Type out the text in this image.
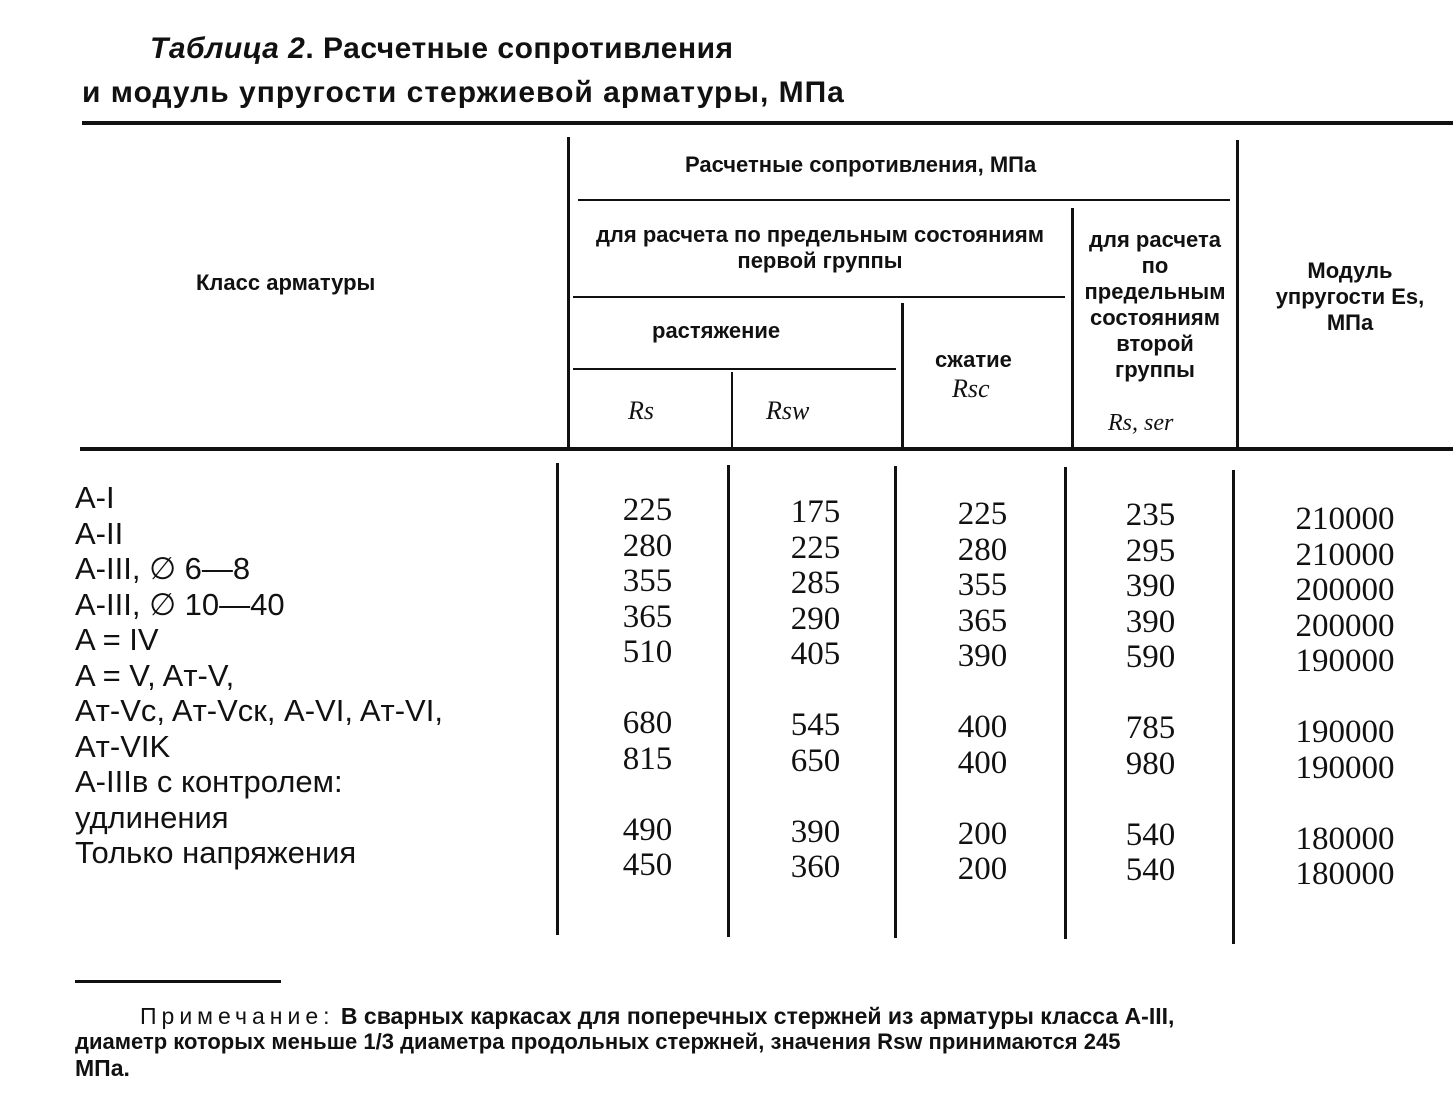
Таблица 2. Расчетные сопротивления
и модуль упругости стержиевой арматуры, МПа
Класс арматуры
Расчетные сопротивления, МПа
для расчета по предельным состояниям первой группы
растяжение
Rs	Rsw
сжатие
Rsc
для расчета по предельным состояниям второй группы
Rs, ser
Модуль упругости Es, МПа
A-I
A-II
A-III, ∅ 6—8
A-III, ∅ 10—40
A = IV
A = V, Aт-V,
Aт-Vc, Aт-Vcк, A-VI, Aт-VI,
Aт-VIK
A-IIIв с контролем:
удлинения
Только напряжения
225
280
355
365
510
680
815
490
450
175
225
285
290
405
545
650
390
360
225
280
355
365
390
400
400
200
200
235
295
390
390
590
785
980
540
540
210000
210000
200000
200000
190000
190000
190000
180000
180000
Примечание: В сварных каркасах для поперечных стержней из арматуры класса A-III,
диаметр которых меньше 1/3 диаметра продольных стержней, значения Rsw принимаются 245
МПа.
